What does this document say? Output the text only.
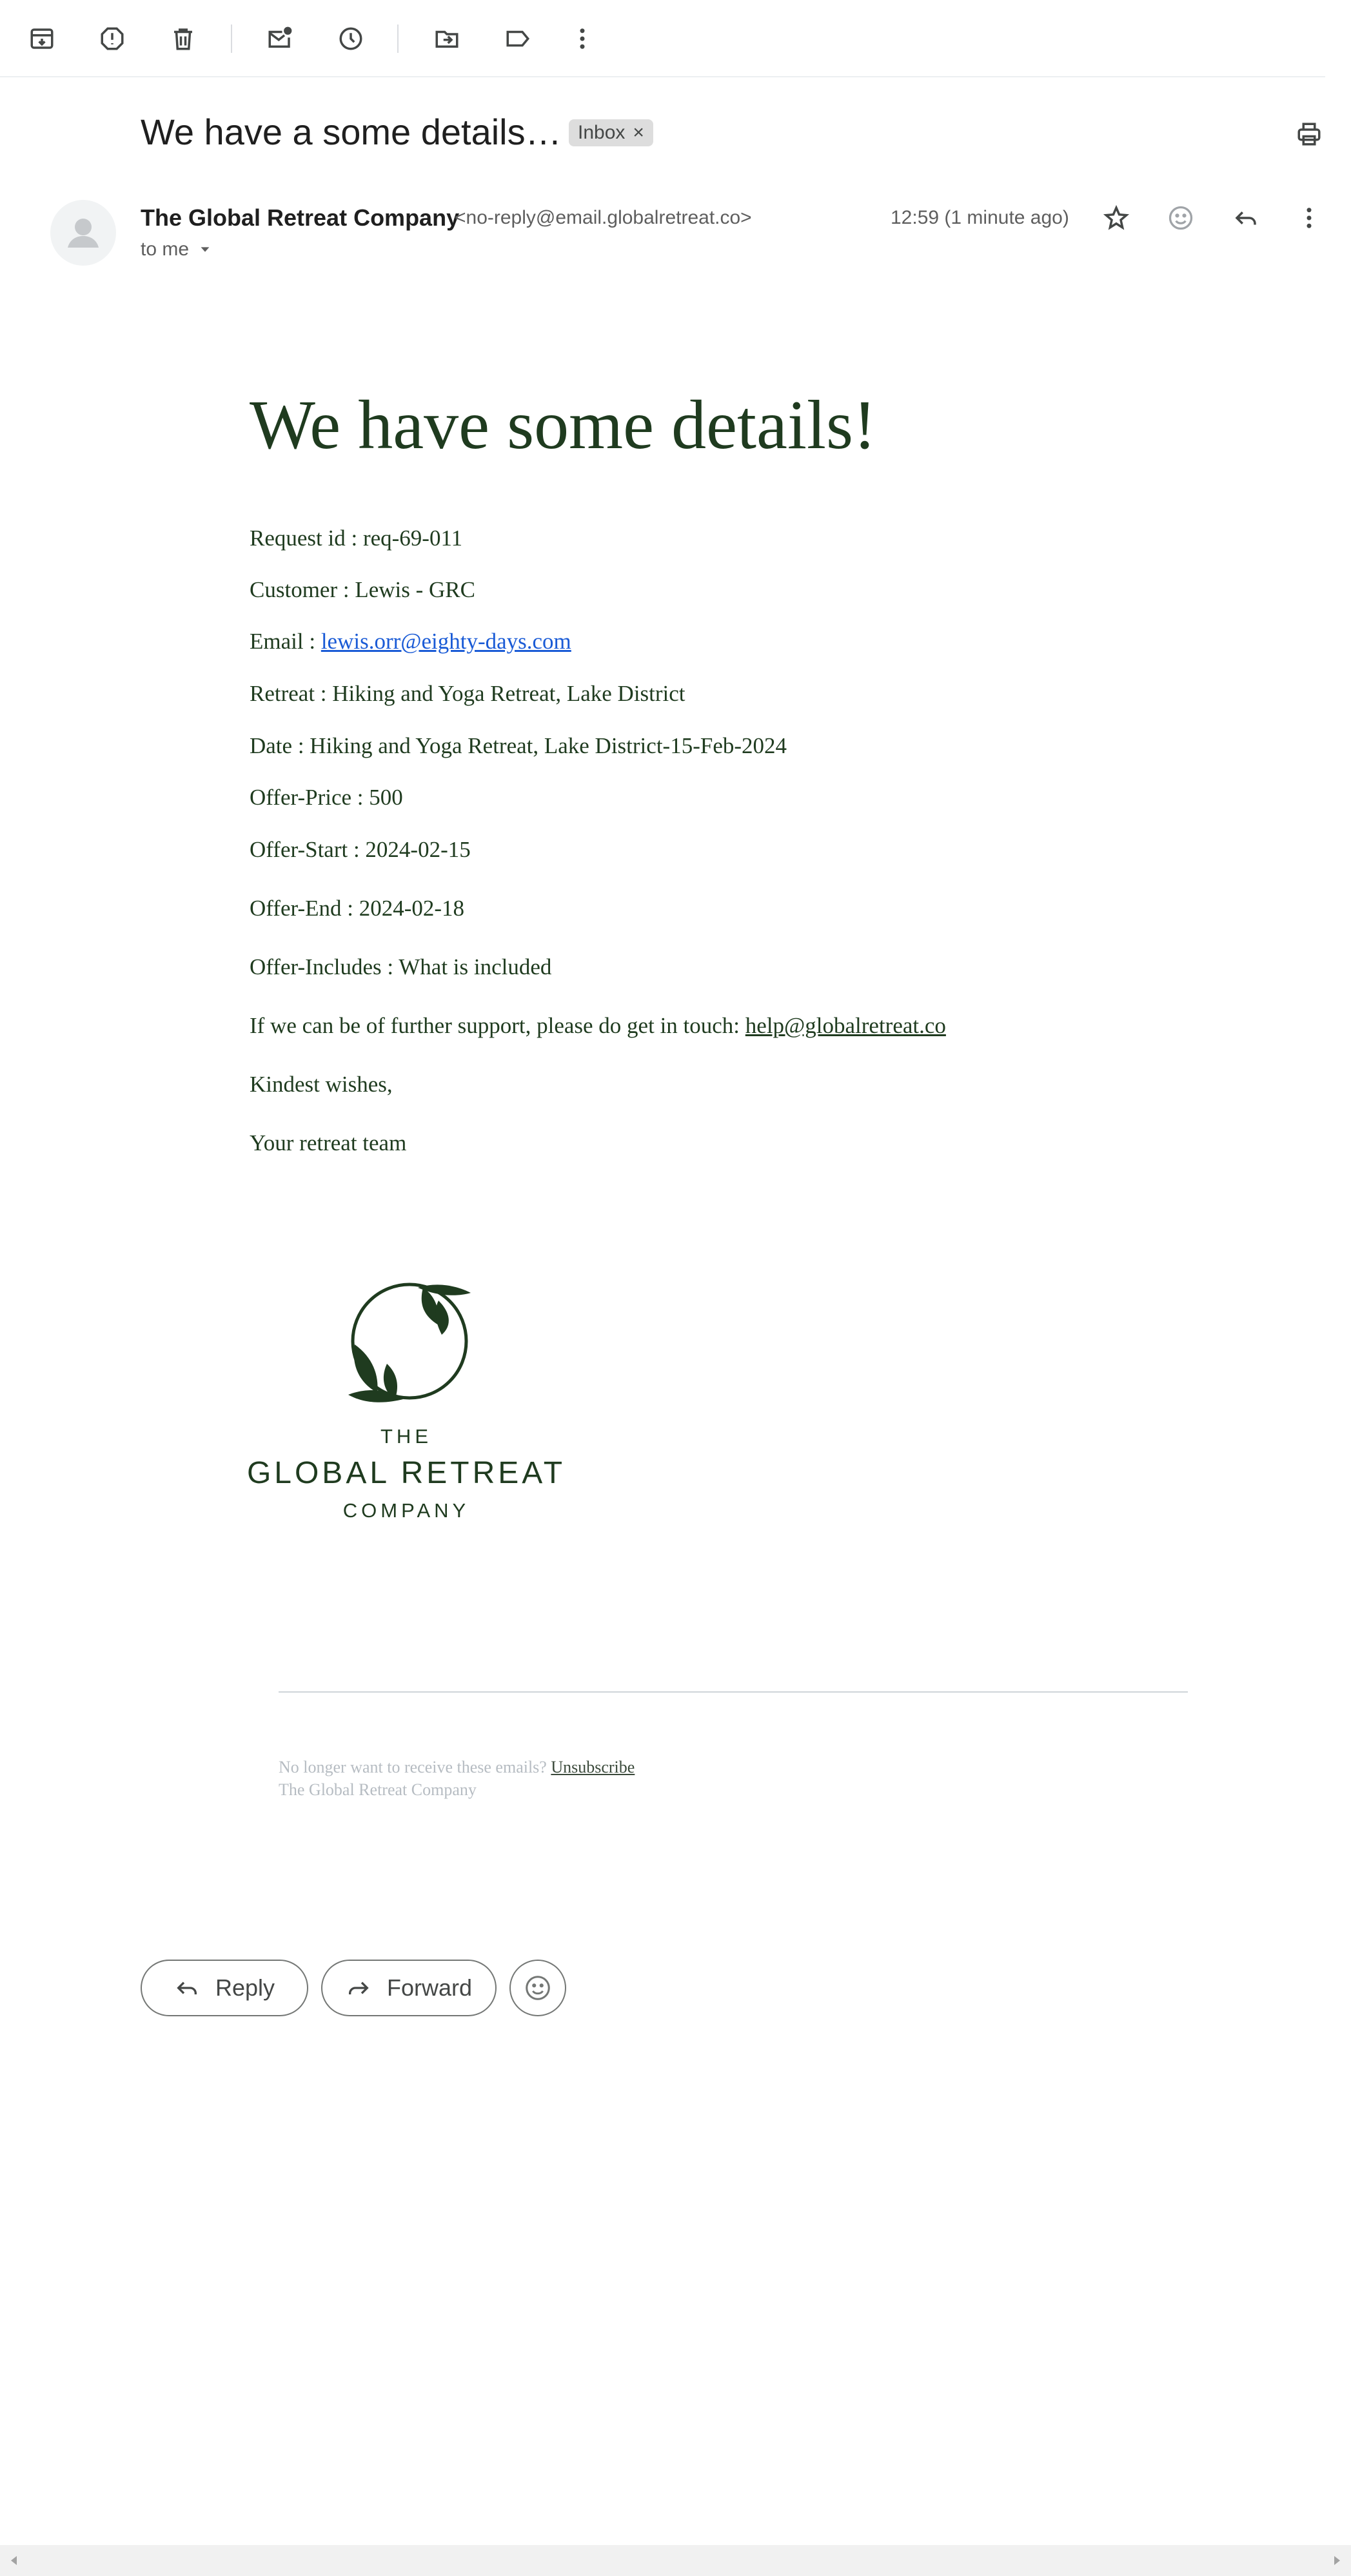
We have a some details… Inbox ×
The Global Retreat Company
<no-reply@email.globalretreat.co>
to me
12:59 (1 minute ago)
We have some details!
Request id : req-69-011
Customer : Lewis - GRC
Email : lewis.orr@eighty-days.com
Retreat : Hiking and Yoga Retreat, Lake District
Date : Hiking and Yoga Retreat, Lake District-15-Feb-2024
Offer-Price : 500
Offer-Start : 2024-02-15
Offer-End : 2024-02-18
Offer-Includes : What is included
If we can be of further support, please do get in touch: help@globalretreat.co
Kindest wishes,
Your retreat team
THE
GLOBAL RETREAT
COMPANY
No longer want to receive these emails? Unsubscribe
The Global Retreat Company
Reply	Forward
